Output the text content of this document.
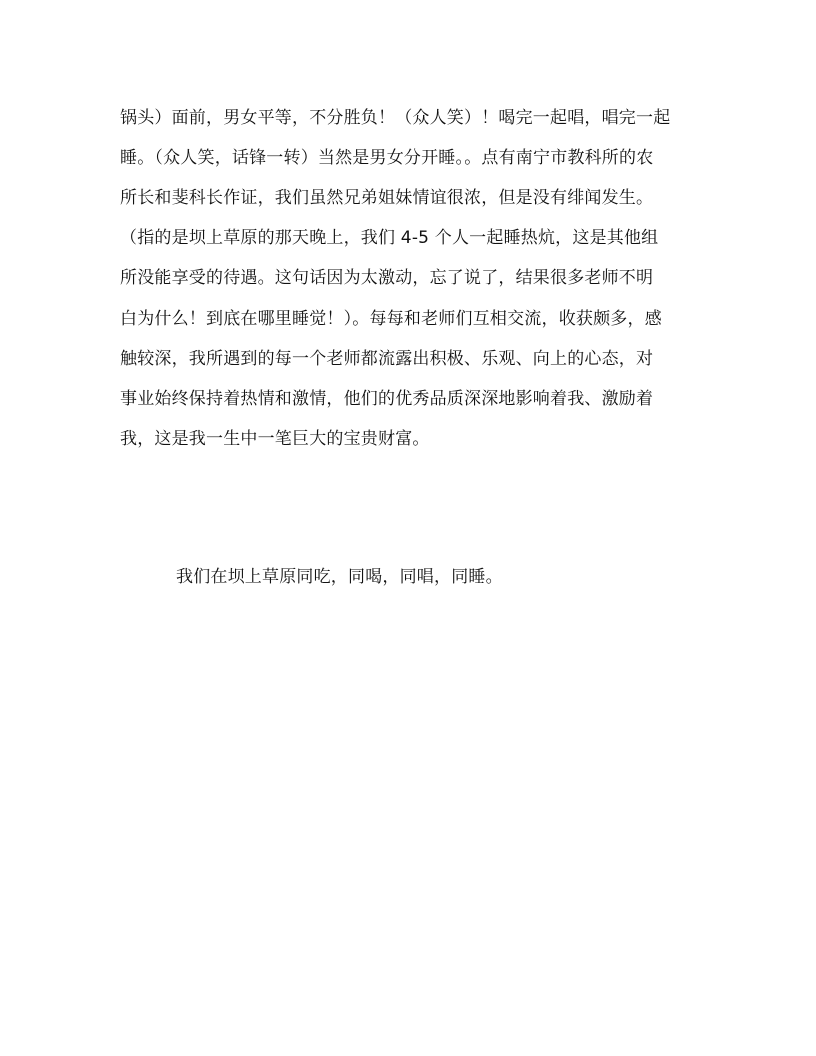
锅头）面前，男女平等，不分胜负！（众人笑）！喝完一起唱，唱完一起
睡。（众人笑，话锋一转）当然是男女分开睡。。点有南宁市教科所的农
所长和斐科长作证，我们虽然兄弟姐妹情谊很浓，但是没有绯闻发生。
（指的是坝上草原的那天晚上，我们 4-5 个人一起睡热炕，这是其他组
所没能享受的待遇。这句话因为太激动，忘了说了，结果很多老师不明
白为什么！到底在哪里睡觉！）。每每和老师们互相交流，收获颇多，感
触较深，我所遇到的每一个老师都流露出积极、乐观、向上的心态，对
事业始终保持着热情和激情，他们的优秀品质深深地影响着我、激励着
我，这是我一生中一笔巨大的宝贵财富。
我们在坝上草原同吃，同喝，同唱，同睡。
